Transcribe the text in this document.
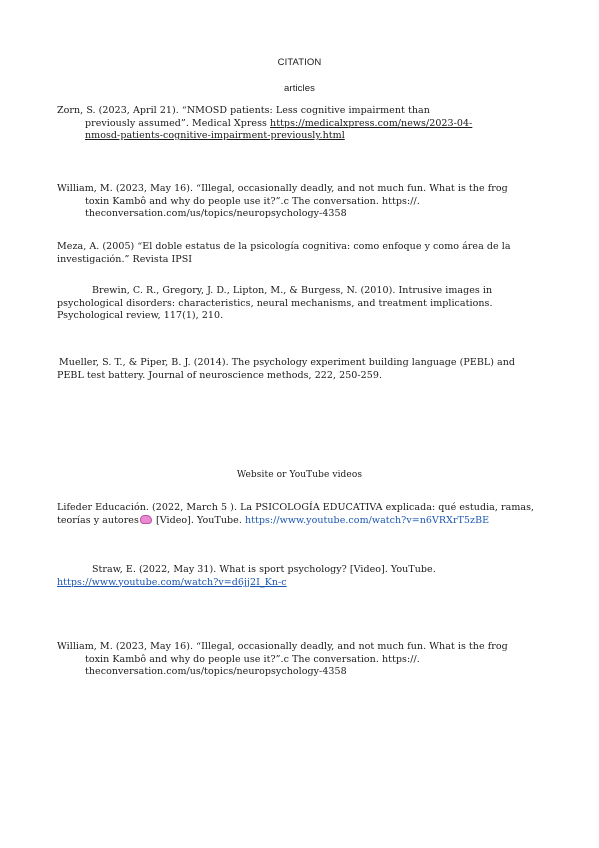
CITATION
articles
Zorn, S. (2023, April 21). “NMOSD patients: Less cognitive impairment than previously assumed”. Medical Xpress https://medicalxpress.com/news/2023-04-nmosd-patients-cognitive-impairment-previously.html
William, M. (2023, May 16). “Illegal, occasionally deadly, and not much fun. What is the frog toxin Kambô and why do people use it?”.c The conversation. https://. theconversation.com/us/topics/neuropsychology-4358
Meza, A. (2005) “El doble estatus de la psicología cognitiva: como enfoque y como área de la investigación.” Revista IPSI
Brewin, C. R., Gregory, J. D., Lipton, M., & Burgess, N. (2010). Intrusive images in psychological disorders: characteristics, neural mechanisms, and treatment implications. Psychological review, 117(1), 210.
Mueller, S. T., & Piper, B. J. (2014). The psychology experiment building language (PEBL) and PEBL test battery. Journal of neuroscience methods, 222, 250-259.
Website or YouTube videos
Lifeder Educación. (2022, March 5 ). La PSICOLOGÍA EDUCATIVA explicada: qué estudia, ramas, teorías y autores [Video]. YouTube. https://www.youtube.com/watch?v=n6VRXrT5zBE
Straw, E. (2022, May 31). What is sport psychology? [Video]. YouTube. https://www.youtube.com/watch?v=d6jj2I_Kn-c
William, M. (2023, May 16). “Illegal, occasionally deadly, and not much fun. What is the frog toxin Kambô and why do people use it?”.c The conversation. https://. theconversation.com/us/topics/neuropsychology-4358
